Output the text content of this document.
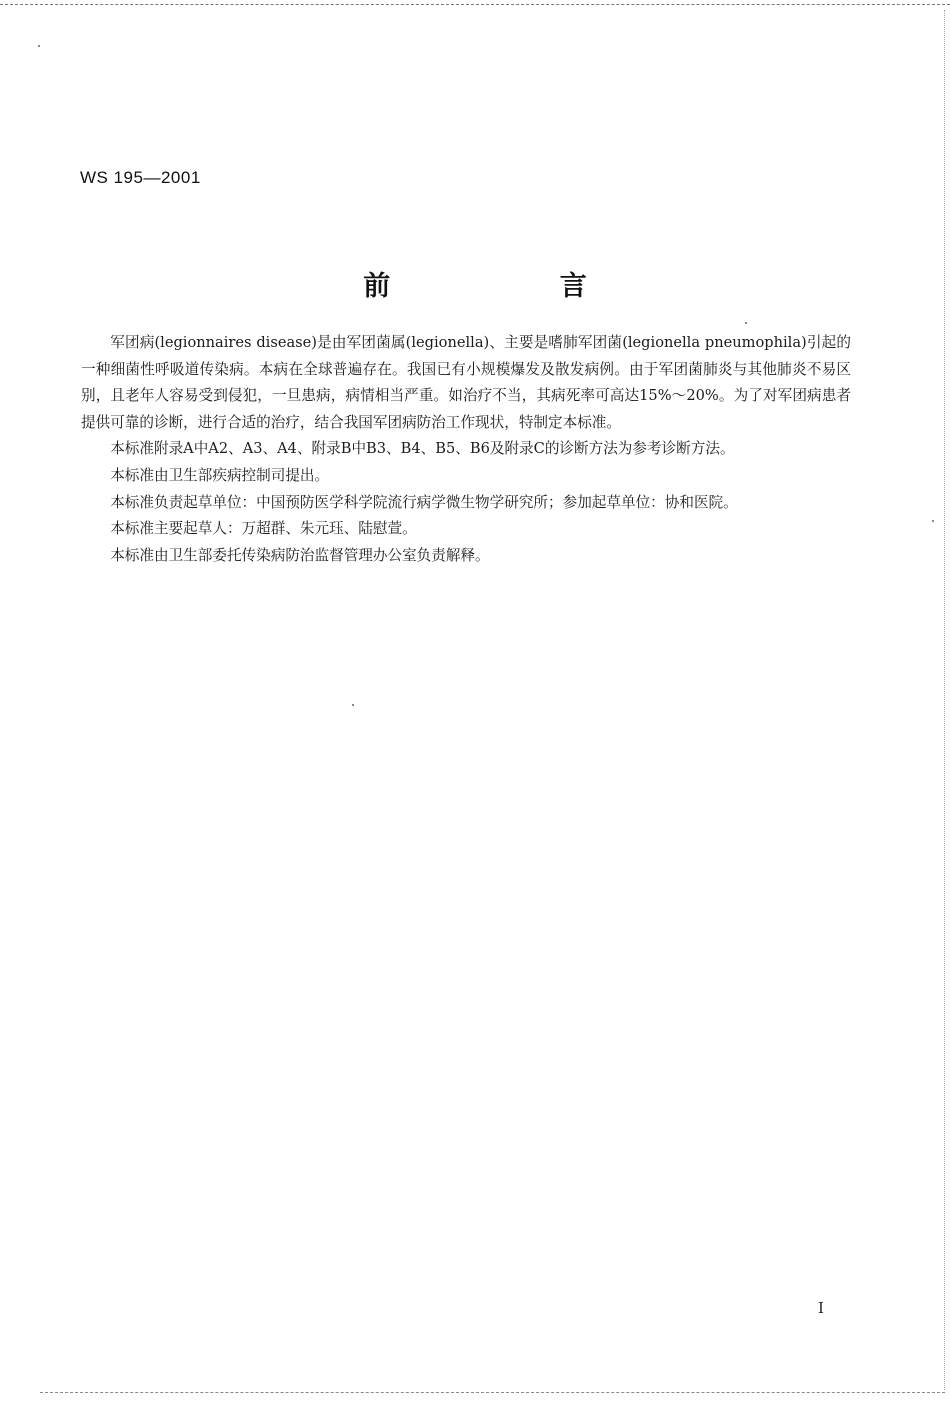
WS 195—2001
前 言

军团病(legionnaires disease)是由军团菌属(legionella)、主要是嗜肺军团菌(legionella pneumophila)引起的一种细菌性呼吸道传染病。本病在全球普遍存在。我国已有小规模爆发及散发病例。由于军团菌肺炎与其他肺炎不易区别，且老年人容易受到侵犯，一旦患病，病情相当严重。如治疗不当，其病死率可高达15%～20%。为了对军团病患者提供可靠的诊断，进行合适的治疗，结合我国军团病防治工作现状，特制定本标准。

本标准附录A中A2、A3、A4、附录B中B3、B4、B5、B6及附录C的诊断方法为参考诊断方法。

本标准由卫生部疾病控制司提出。

本标准负责起草单位：中国预防医学科学院流行病学微生物学研究所；参加起草单位：协和医院。

本标准主要起草人：万超群、朱元珏、陆慰萱。

本标准由卫生部委托传染病防治监督管理办公室负责解释。

I
